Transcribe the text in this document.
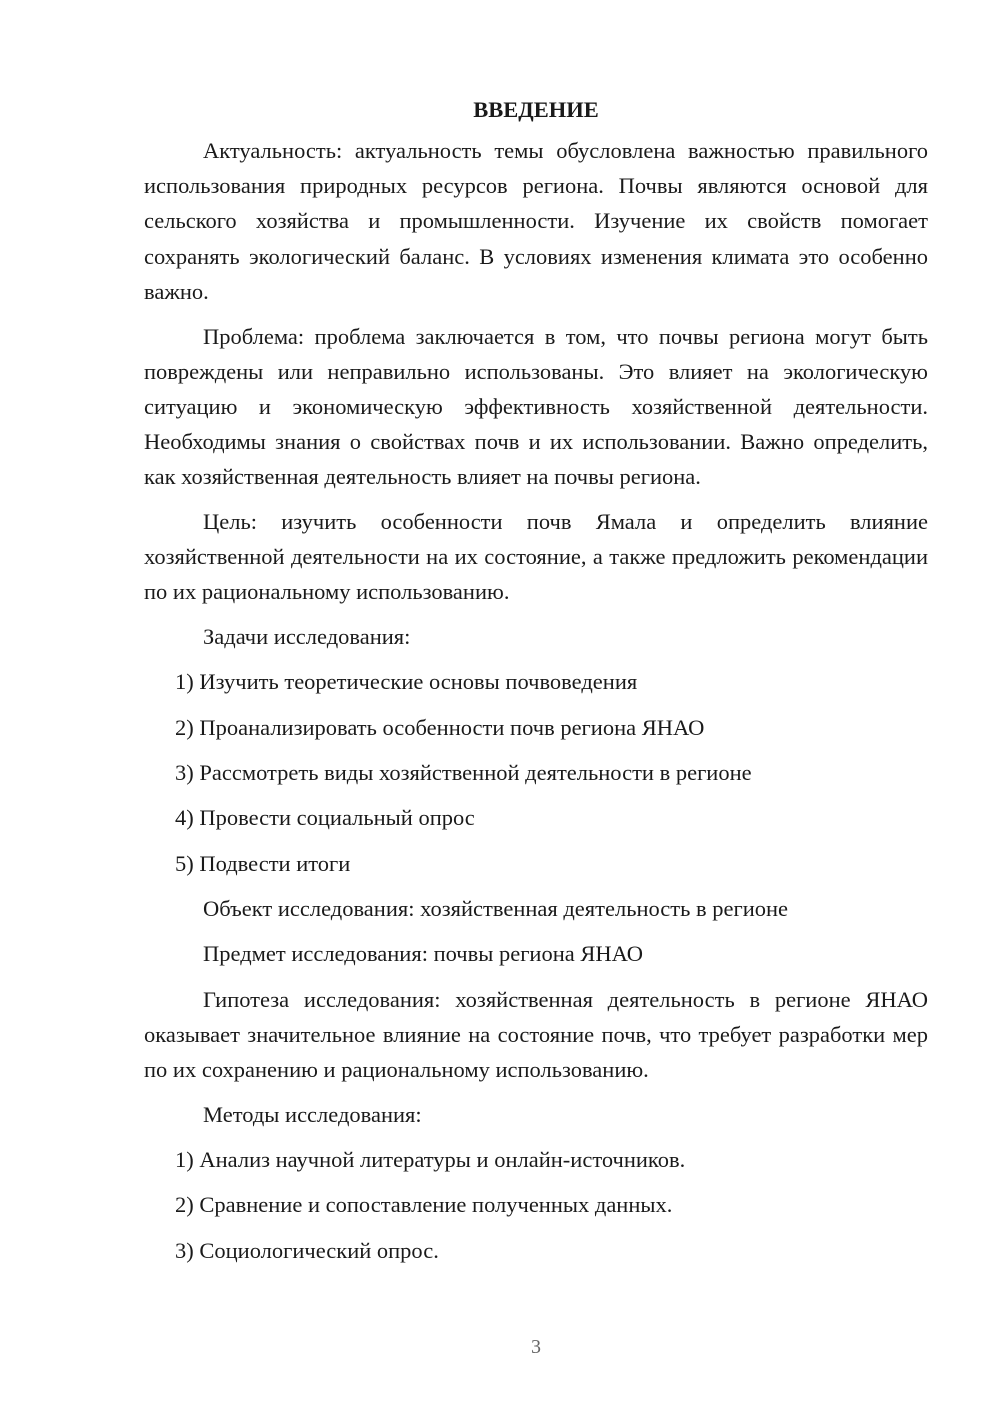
ВВЕДЕНИЕ

Актуальность: актуальность темы обусловлена важностью правильного использования природных ресурсов региона. Почвы являются основой для сельского хозяйства и промышленности. Изучение их свойств помогает сохранять экологический баланс. В условиях изменения климата это особенно важно.

Проблема: проблема заключается в том, что почвы региона могут быть повреждены или неправильно использованы. Это влияет на экологическую ситуацию и экономическую эффективность хозяйственной деятельности. Необходимы знания о свойствах почв и их использовании. Важно определить, как хозяйственная деятельность влияет на почвы региона.

Цель: изучить особенности почв Ямала и определить влияние хозяйственной деятельности на их состояние, а также предложить рекомендации по их рациональному использованию.

Задачи исследования:
1) Изучить теоретические основы почвоведения
2) Проанализировать особенности почв региона ЯНАО
3) Рассмотреть виды хозяйственной деятельности в регионе
4) Провести социальный опрос
5) Подвести итоги
Объект исследования: хозяйственная деятельность в регионе
Предмет исследования: почвы региона ЯНАО

Гипотеза исследования: хозяйственная деятельность в регионе ЯНАО оказывает значительное влияние на состояние почв, что требует разработки мер по их сохранению и рациональному использованию.

Методы исследования:
1) Анализ научной литературы и онлайн-источников.
2) Сравнение и сопоставление полученных данных.
3) Социологический опрос.
3
